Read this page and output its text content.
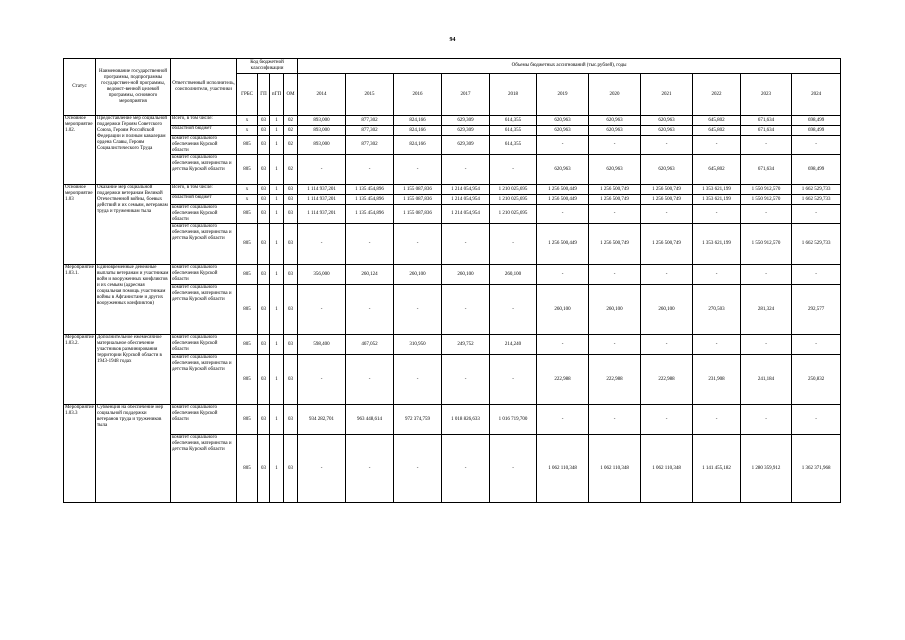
94
Статус	Наименование государственной программы, подпрограммы государствен-ной программы, ведомст-венной целевой программы, основного мероприятия	Ответственный исполнитель, соисполнители, участники	Код бюджетной классификации				Объемы бюджетных ассигнований (тыс.рублей), годы										
			ГРБС	ГП	пГП	ОМ	2014	2015	2016	2017	2018	2019	2020	2021	2022	2023	2024
Основное мероприятие 1.02.	Предоставление мер социальной поддержки Героям Советского Союза, Героям Российской Федерации и полным кавалерам ордена Славы, Героям Социалистического Труда	Всего, в том числе:	x	03	1	02	893,000	877,302	824,166	629,309	614,355	620,963	620,963	620,963	645,802	671,634	698,499
		областной бюджет	x	03	1	02	893,000	877,302	824,166	629,309	614,355	620,963	620,963	620,963	645,802	671,634	698,499
		комитет социального обеспечения Курской области	805	03	1	02	893,000	877,302	824,166	629,309	614,355	-	-	-	-	-	-
		комитет социального обеспечения, материнства и детства Курской области	805	03	1	02	-	-	-	-	-	620,963	620,963	620,963	645,802	671,634	698,499
Основное мероприятие 1.03	Оказание мер социальной поддержки ветеранам Великой Отечественной войны, боевых действий и их семьям, ветеранам труда и труженикам тыла	Всего, в том числе:	x	03	1	03	1 114 937,201	1 135 454,896	1 155 087,836	1 214 054,954	1 210 025,695	1 256 500,449	1 256 500,749	1 256 500,749	1 353 621,199	1 550 912,570	1 662 529,733
		областной бюджет	x	03	1	03	1 114 937,201	1 135 454,896	1 155 087,836	1 214 054,954	1 210 025,695	1 256 500,449	1 256 500,749	1 256 500,749	1 353 621,199	1 550 912,570	1 662 529,733
		комитет социального обеспечения Курской области	805	03	1	03	1 114 937,201	1 135 454,896	1 155 087,836	1 214 054,954	1 210 025,695	-	-	-	-	-	-
		комитет социального обеспечения, материнства и детства Курской области	805	03	1	03	-	-	-	-	-	1 256 500,449	1 256 500,749	1 256 500,749	1 353 621,199	1 550 912,570	1 662 529,733
Мероприятие 1.03.1.	Единовременные денежные выплаты ветеранам и участникам войн и вооруженных конфликтов и их семьям (адресная социальная помощь участникам войны в Афганистане и других вооруженных конфликтов)	комитет социального обеспечения Курской области	805	03	1	03	356,000	260,124	260,100	260,100	260,100	-	-	-	-	-	-
		комитет социального обеспечения, материнства и детства Курской области	805	03	1	03	-	-	-	-	-	260,100	260,100	260,100	270,503	281,324	292,577
Мероприятие 1.03.2.	Дополнительное ежемесячное материальное обеспечение участников разминирования территории Курской области в 1943-1948 годах	комитет социального обеспечения Курской области	805	03	1	03	598,400	467,052	310,950	249,752	214,240	-	-	-	-	-	-
		комитет социального обеспечения, материнства и детства Курской области	805	03	1	03	-	-	-	-	-	222,988	222,988	222,988	231,908	241,184	250,832
Мероприятие 1.03.3	Субвенция на обеспечение мер социальной поддержки ветеранов труда и тружеников тыла	комитет социального обеспечения Курской области	805	03	1	03	934 282,701	963 448,614	972 374,759	1 018 826,633	1 016 719,700	-	-	-	-	-	-
		комитет социального обеспечения, материнства и детства Курской области	805	03	1	03	-	-	-	-	-	1 062 110,348	1 062 110,348	1 062 110,348	1 141 455,182	1 280 359,912	1 362 371,968
